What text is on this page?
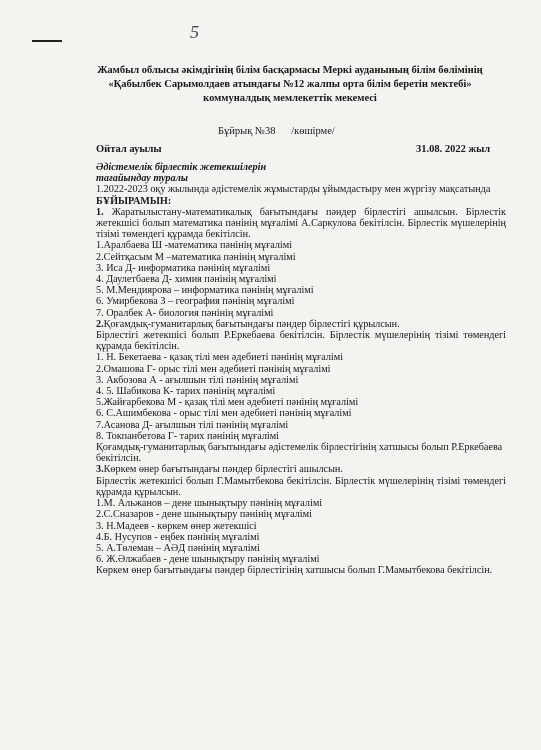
5
Жамбыл облысы әкімдігінің білім басқармасы Меркі ауданының білім бөлімінің
«Қабылбек Сарымолдаев атындағы №12 жалпы орта білім беретін мектебі»
коммуналдық мемлекеттік мекемесі
Бұйрық №38      /көшірме/
Ойтал ауылы	31.08. 2022 жыл

Әдістемелік бірлестік жетекшілерін

тағайындау туралы

1.2022-2023 оқу жылында әдістемелік жұмыстарды ұйымдастыру мен жүргізу мақсатында

БҰЙЫРАМЫН:

1. Жаратылыстану-математикалық бағытындағы пәндер бірлестігі ашылсын. Бірлестік жетекшісі болып математика пәнінің мұғалімі А.Саркулова бекітілсін. Бірлестік мүшелерінің тізімі төмендегі құрамда бекітілсін.

1.Аралбаева Ш -математика пәнінің мұғалімі

2.Сейтқасым М –математика пәнінің мұғалімі

3. Иса Д- информатика пәнінің мұғалімі

4. Даулетбаева Д- химия пәнінің мұғалімі

5. М.Мендиярова – информатика пәнінің мұғалімі

6. Умирбекова З – география пәнінің мұғалімі

7. Оралбек А- биология пәнінің мұғалімі

2.Қоғамдық-гуманитарлық бағытындағы пәндер бірлестігі құрылсын.

Бірлестігі жетекшісі болып Р.Еркебаева бекітілсін. Бірлестік мүшелерінің тізімі төмендегі құрамда бекітілсін.

1. Н. Бекетаева - қазақ тілі мен әдебиеті пәнінің мұғалімі

2.Омашова Г- орыс тілі мен әдебиеті пәнінің мұғалімі

3. Акбозова А - ағылшын тілі пәнінің мұғалімі

4. 5. Шабикова К- тарих пәнінің мұғалімі

5.Жайғарбекова М - қазақ тілі мен әдебиеті пәнінің мұғалімі

6. С.Ашимбекова - орыс тілі мен әдебиеті пәнінің мұғалімі

7.Асанова Д- ағылшын тілі пәнінің мұғалімі

8. Токпанбетова Г- тарих пәнінің мұғалімі

Қоғамдық-гуманитарлық бағытындағы әдістемелік бірлестігінің хатшысы болып Р.Еркебаева бекітілсін.

3.Көркем өнер бағытындағы пәндер бірлестігі ашылсын.

Бірлестік жетекшісі болып Г.Мамытбекова бекітілсін. Бірлестік мүшелерінің тізімі төмендегі құрамда құрылсын.

1.М. Альжанов – дене шынықтыру пәнінің мұғалімі

2.С.Сназаров - дене шынықтыру пәнінің мұғалімі

3. Н.Мадеев - көркем өнер жетекшісі

4.Б. Нусупов - еңбек пәнінің мұғалімі

5. А.Төлеман – АӘД пәнінің мұғалімі

6. Ж.Әлжабаев - дене шынықтыру пәнінің мұғалімі

Көркем өнер бағытындағы пәндер бірлестігінің хатшысы болып Г.Мамытбекова бекітілсін.
